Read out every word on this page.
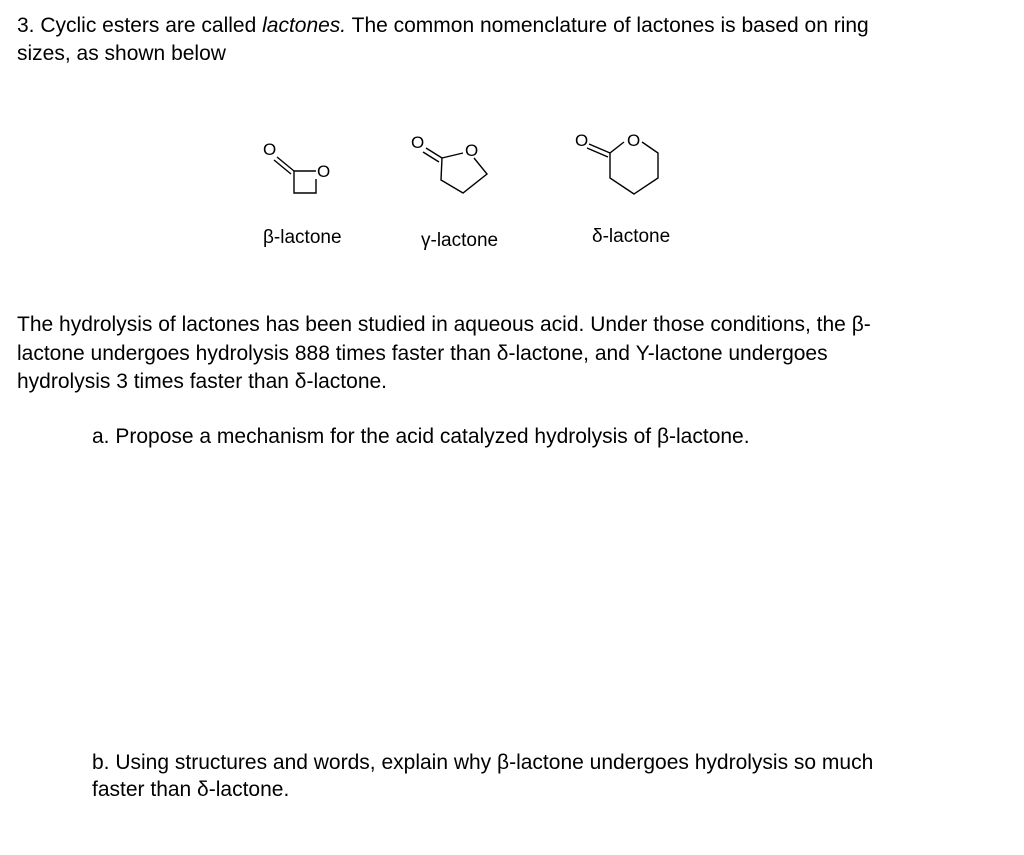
3. Cyclic esters are called lactones. The common nomenclature of lactones is based on ring

sizes, as shown below

O
O
O O
O O
β-lactone	γ-lactone	δ-lactone

The hydrolysis of lactones has been studied in aqueous acid. Under those conditions, the β-

lactone undergoes hydrolysis 888 times faster than δ-lactone, and Υ-lactone undergoes

hydrolysis 3 times faster than δ-lactone.

a. Propose a mechanism for the acid catalyzed hydrolysis of β-lactone.

b. Using structures and words, explain why β-lactone undergoes hydrolysis so much

faster than δ-lactone.
